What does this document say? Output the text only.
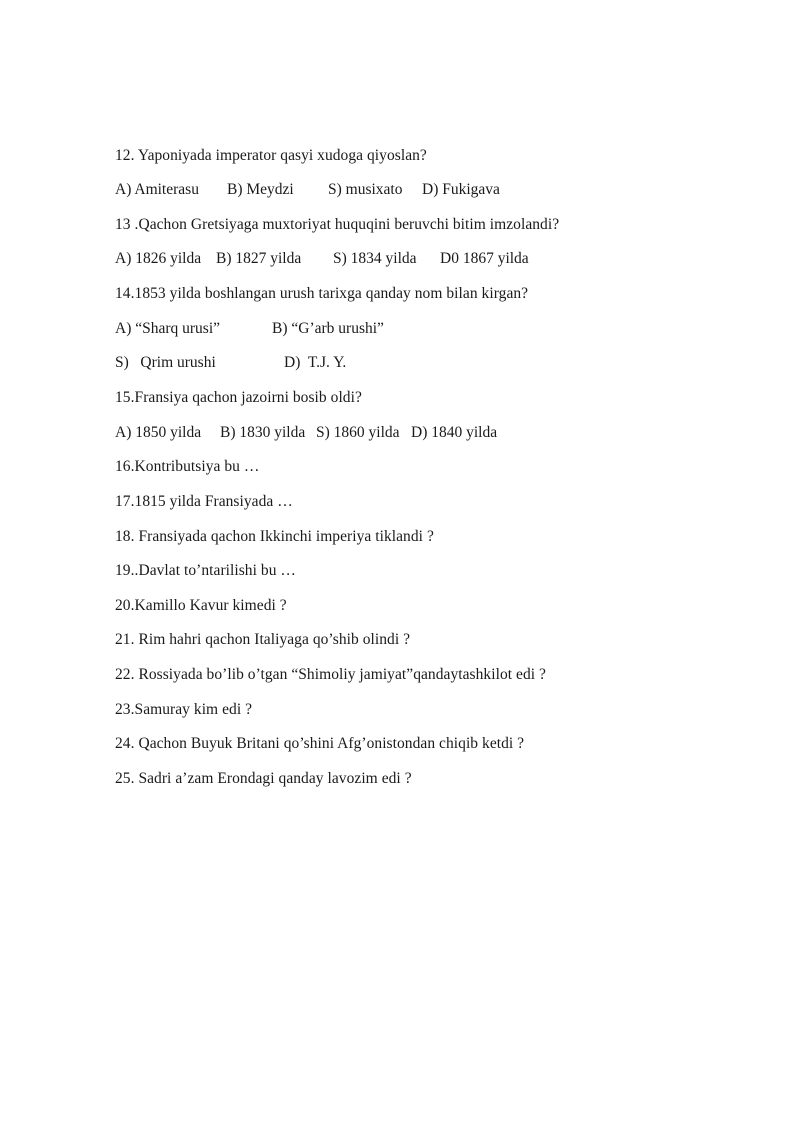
12. Yaponiyada imperator qasyi xudoga qiyoslan?

A) Amiterasu

B) Meydzi

S) musixato

D) Fukigava

13 .Qachon Gretsiyaga muxtoriyat huquqini beruvchi bitim imzolandi?

A) 1826 yilda

B) 1827 yilda

S) 1834 yilda

D0 1867 yilda

14.1853 yilda boshlangan urush tarixga qanday nom bilan kirgan?

A) “Sharq urusi”

	B) “G’arb urushi”

S)   Qrim urushi

	D)  T.J. Y.

15.Fransiya qachon jazoirni bosib oldi?

A) 1850 yilda

B) 1830 yilda

S) 1860 yilda

D) 1840 yilda

16.Kontributsiya bu …
17.1815 yilda Fransiyada …
18. Fransiyada qachon Ikkinchi imperiya tiklandi ?
19..Davlat to’ntarilishi bu …
20.Kamillo Kavur kimedi ?
21. Rim hahri qachon Italiyaga qo’shib olindi ?
22. Rossiyada bo’lib o’tgan “Shimoliy jamiyat”qandaytashkilot edi ?
23.Samuray kim edi ?
24. Qachon Buyuk Britani qo’shini Afg’onistondan chiqib ketdi ?
25. Sadri a’zam Erondagi qanday lavozim edi ?
